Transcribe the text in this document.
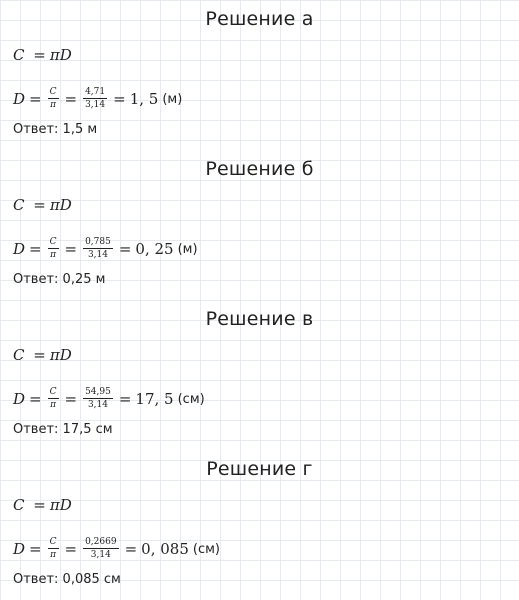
Решение а
C = πD
$D = \frac{C}{\pi} = \frac{4,71}{3,14} = 1$, 5 (м)
Ответ: 1,5 м
Решение б
C = πD
$D = \frac{C}{\pi} = \frac{0,785}{3,14} = 0$, 25 (м)
Ответ: 0,25 м
Решение в
C = πD
$D = \frac{C}{\pi} = \frac{54,95}{3,14} = 17$, 5 (см)
Ответ: 17,5 см
Решение г
C = πD
$D = \frac{C}{\pi} = \frac{0,2669}{3,14} = 0$, 085 (см)
Ответ: 0,085 см
